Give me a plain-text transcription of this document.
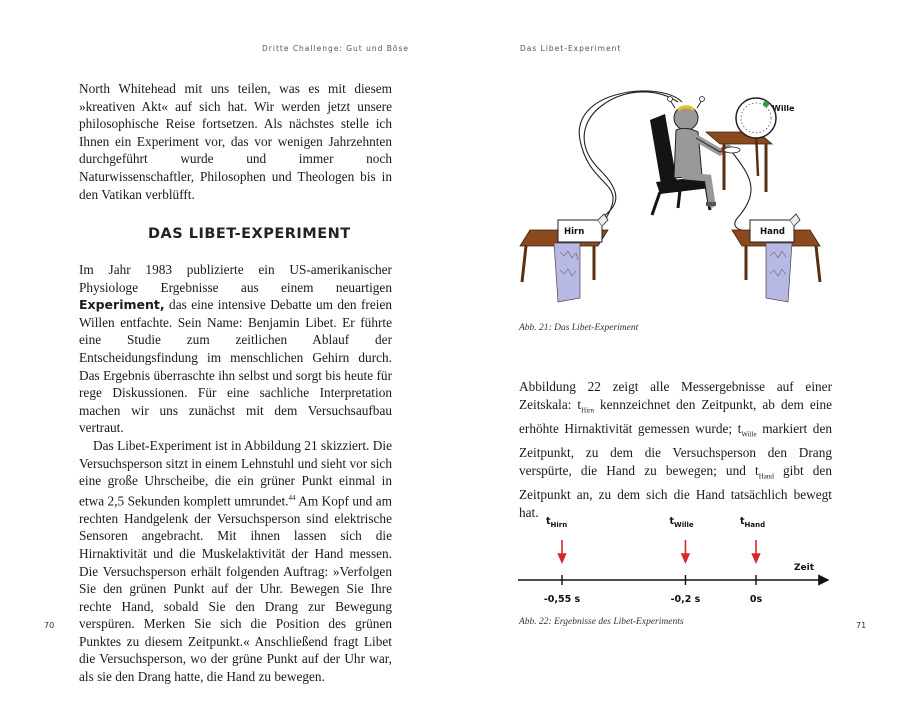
Dritte Challenge: Gut und Böse

North Whitehead mit uns teilen, was es mit diesem »kreativen Akt« auf sich hat. Wir werden jetzt unsere philosophische Reise fortsetzen. Als nächstes stelle ich Ihnen ein Experiment vor, das vor wenigen Jahrzehnten durchgeführt wurde und immer noch Naturwissenschaftler, Philosophen und Theologen bis in den Vatikan verblüfft.

DAS LIBET-EXPERIMENT

Im Jahr 1983 publizierte ein US-amerikanischer Physiologe Ergebnisse aus einem neuartigen Experiment, das eine intensive Debatte um den freien Willen entfachte. Sein Name: Benjamin Libet. Er führte eine Studie zum zeitlichen Ablauf der Entscheidungsfindung im menschlichen Gehirn durch. Das Ergebnis überraschte ihn selbst und sorgt bis heute für rege Diskussionen. Für eine sachliche Interpretation machen wir uns zunächst mit dem Versuchsaufbau vertraut.

Das Libet-Experiment ist in Abbildung 21 skizziert. Die Versuchsperson sitzt in einem Lehnstuhl und sieht vor sich eine große Uhrscheibe, die ein grüner Punkt einmal in etwa 2,5 Sekunden komplett umrundet.$^{44}$ Am Kopf und am rechten Handgelenk der Versuchsperson sind elektrische Sensoren angebracht. Mit ihnen lassen sich die Hirnaktivität und die Muskelaktivität der Hand messen. Die Versuchsperson erhält folgenden Auftrag: »Verfolgen Sie den grünen Punkt auf der Uhr. Bewegen Sie Ihre rechte Hand, sobald Sie den Drang zur Bewegung verspüren. Merken Sie sich die Position des grünen Punktes zu diesem Zeitpunkt.« Anschließend fragt Libet die Versuchsperson, wo der grüne Punkt auf der Uhr war, als sie den Drang hatte, die Hand zu bewegen.

70
Das Libet-Experiment
Wille
Hirn	Hand
Abb. 21: Das Libet-Experiment

Abbildung 22 zeigt alle Messergebnisse auf einer Zeitskala: $t_{Hirn}$ kennzeichnet den Zeitpunkt, ab dem eine erhöhte Hirnaktivität gemessen wurde; $t_{Wille}$ markiert den Zeitpunkt, zu dem die Versuchsperson den Drang verspürte, die Hand zu bewegen; und $t_{Hand}$ gibt den Zeitpunkt an, zu dem sich die Hand tatsächlich bewegt hat.

Zeit
$t_{Hirn}$
-0,55 s
$t_{Wille}$
-0,2 s
$t_{Hand}$
0s
Abb. 22: Ergebnisse des Libet-Experiments	71
